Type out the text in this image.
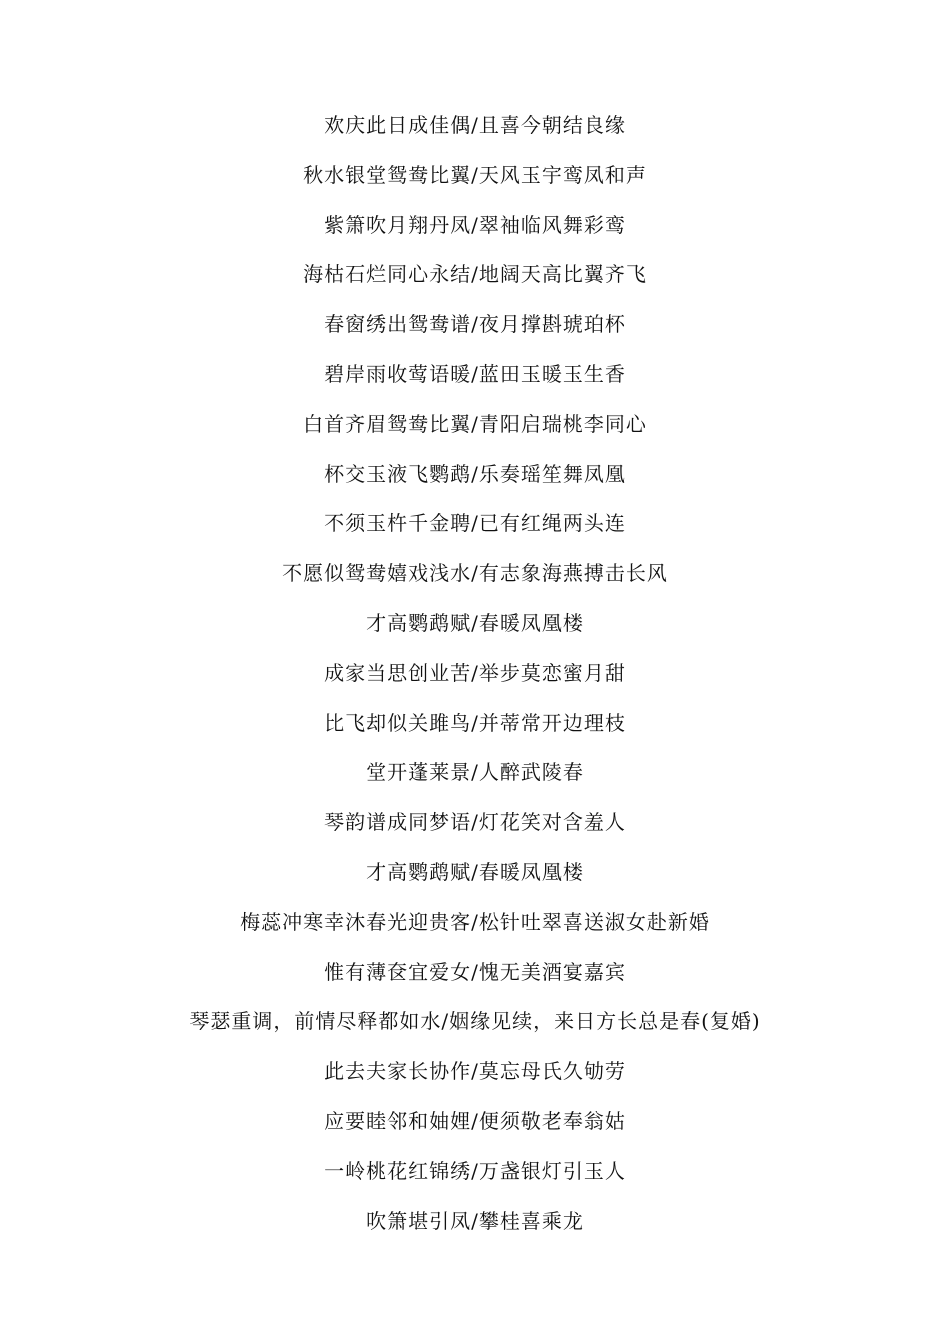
欢庆此日成佳偶/且喜今朝结良缘
秋水银堂鸳鸯比翼/天风玉宇鸾凤和声
紫箫吹月翔丹凤/翠袖临风舞彩鸾
海枯石烂同心永结/地阔天高比翼齐飞
春窗绣出鸳鸯谱/夜月撑斟琥珀杯
碧岸雨收莺语暖/蓝田玉暖玉生香
白首齐眉鸳鸯比翼/青阳启瑞桃李同心
杯交玉液飞鹦鹉/乐奏瑶笙舞凤凰
不须玉杵千金聘/已有红绳两头连
不愿似鸳鸯嬉戏浅水/有志象海燕搏击长风
才高鹦鹉赋/春暖凤凰楼
成家当思创业苦/举步莫恋蜜月甜
比飞却似关雎鸟/并蒂常开边理枝
堂开蓬莱景/人醉武陵春
琴韵谱成同梦语/灯花笑对含羞人
才高鹦鹉赋/春暖凤凰楼
梅蕊冲寒幸沐春光迎贵客/松针吐翠喜送淑女赴新婚
惟有薄奁宜爱女/愧无美酒宴嘉宾
琴瑟重调，前情尽释都如水/姻缘见续，来日方长总是春(复婚)
此去夫家长协作/莫忘母氏久劬劳
应要睦邻和妯娌/便须敬老奉翁姑
一岭桃花红锦绣/万盏银灯引玉人
吹箫堪引凤/攀桂喜乘龙
